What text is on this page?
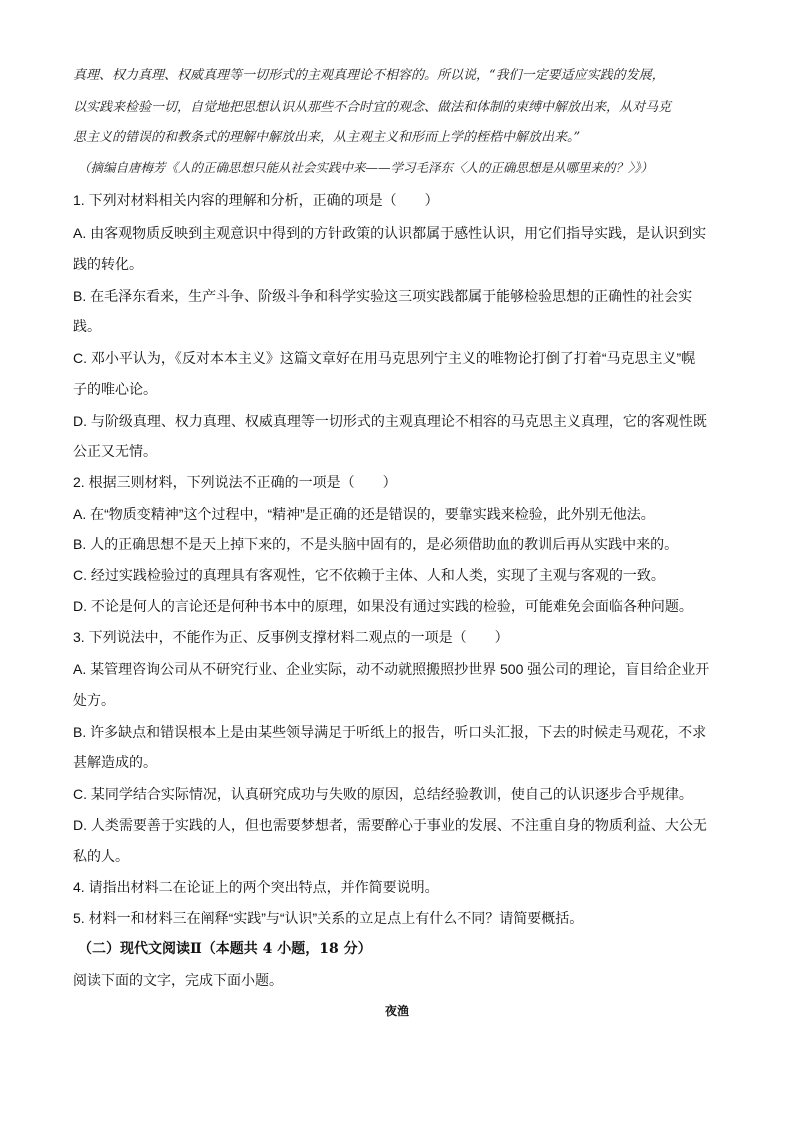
真理、权力真理、权威真理等一切形式的主观真理论不相容的。所以说，“我们一定要适应实践的发展，
以实践来检验一切，自觉地把思想认识从那些不合时宜的观念、做法和体制的束缚中解放出来，从对马克
思主义的错误的和教条式的理解中解放出来，从主观主义和形而上学的桎梏中解放出来。”
（摘编自唐梅芳《人的正确思想只能从社会实践中来——学习毛泽东〈人的正确思想是从哪里来的？〉》）
1. 下列对材料相关内容的理解和分析，正确的项是（　　）
A. 由客观物质反映到主观意识中得到的方针政策的认识都属于感性认识，用它们指导实践，是认识到实
践的转化。
B. 在毛泽东看来，生产斗争、阶级斗争和科学实验这三项实践都属于能够检验思想的正确性的社会实
践。
C. 邓小平认为，《反对本本主义》这篇文章好在用马克思列宁主义的唯物论打倒了打着“马克思主义”幌
子的唯心论。
D. 与阶级真理、权力真理、权威真理等一切形式的主观真理论不相容的马克思主义真理，它的客观性既
公正又无情。
2. 根据三则材料，下列说法不正确的一项是（　　）
A. 在“物质变精神”这个过程中，“精神”是正确的还是错误的，要靠实践来检验，此外别无他法。
B. 人的正确思想不是天上掉下来的，不是头脑中固有的，是必须借助血的教训后再从实践中来的。
C. 经过实践检验过的真理具有客观性，它不依赖于主体、人和人类，实现了主观与客观的一致。
D. 不论是何人的言论还是何种书本中的原理，如果没有通过实践的检验，可能难免会面临各种问题。
3. 下列说法中，不能作为正、反事例支撑材料二观点的一项是（　　）
A. 某管理咨询公司从不研究行业、企业实际，动不动就照搬照抄世界 500 强公司的理论，盲目给企业开
处方。
B. 许多缺点和错误根本上是由某些领导满足于听纸上的报告，听口头汇报，下去的时候走马观花，不求
甚解造成的。
C. 某同学结合实际情况，认真研究成功与失败的原因，总结经验教训，使自己的认识逐步合乎规律。
D. 人类需要善于实践的人，但也需要梦想者，需要醉心于事业的发展、不注重自身的物质利益、大公无
私的人。
4. 请指出材料二在论证上的两个突出特点，并作简要说明。
5. 材料一和材料三在阐释“实践”与“认识”关系的立足点上有什么不同？请简要概括。
（二）现代文阅读Ⅱ（本题共 4 小题，18 分）
阅读下面的文字，完成下面小题。
夜渔
